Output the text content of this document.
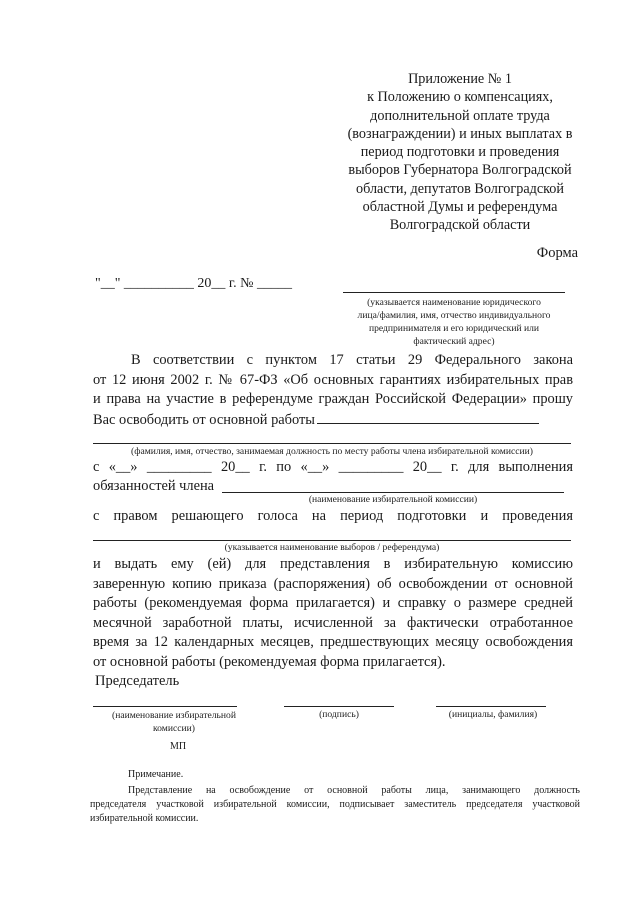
Приложение № 1
к Положению о компенсациях,
дополнительной оплате труда
(вознаграждении) и иных выплатах в
период подготовки и проведения
выборов Губернатора Волгоградской
области, депутатов Волгоградской
областной Думы и референдума
Волгоградской области
Форма
"__" __________ 20__ г. № _____
(указывается наименование юридического
лица/фамилия, имя, отчество индивидуального
предпринимателя и его юридический или
фактический адрес)
В соответствии с пунктом 17 статьи 29 Федерального закона
от 12 июня 2002 г. № 67-ФЗ «Об основных гарантиях избирательных прав
и права на участие в референдуме граждан Российской Федерации» прошу
Вас освободить от основной работы
(фамилия, имя, отчество, занимаемая должность по месту работы члена избирательной комиссии)
с «__» _________ 20__ г. по «__» _________ 20__ г. для выполнения
обязанностей члена
(наименование избирательной комиссии)
с правом решающего голоса на период подготовки и проведения
(указывается наименование выборов / референдума)
и выдать ему (ей) для представления в избирательную комиссию
заверенную копию приказа (распоряжения) об освобождении от основной
работы (рекомендуемая форма прилагается) и справку о размере средней
месячной заработной платы, исчисленной за фактически отработанное
время за 12 календарных месяцев, предшествующих месяцу освобождения
от основной работы (рекомендуемая форма прилагается).
Председатель
(наименование избирательной
комиссии)
(подпись)	(инициалы, фамилия)
МП
Примечание.
Представление на освобождение от основной работы лица, занимающего должность
председателя участковой избирательной комиссии, подписывает заместитель председателя участковой
избирательной комиссии.
